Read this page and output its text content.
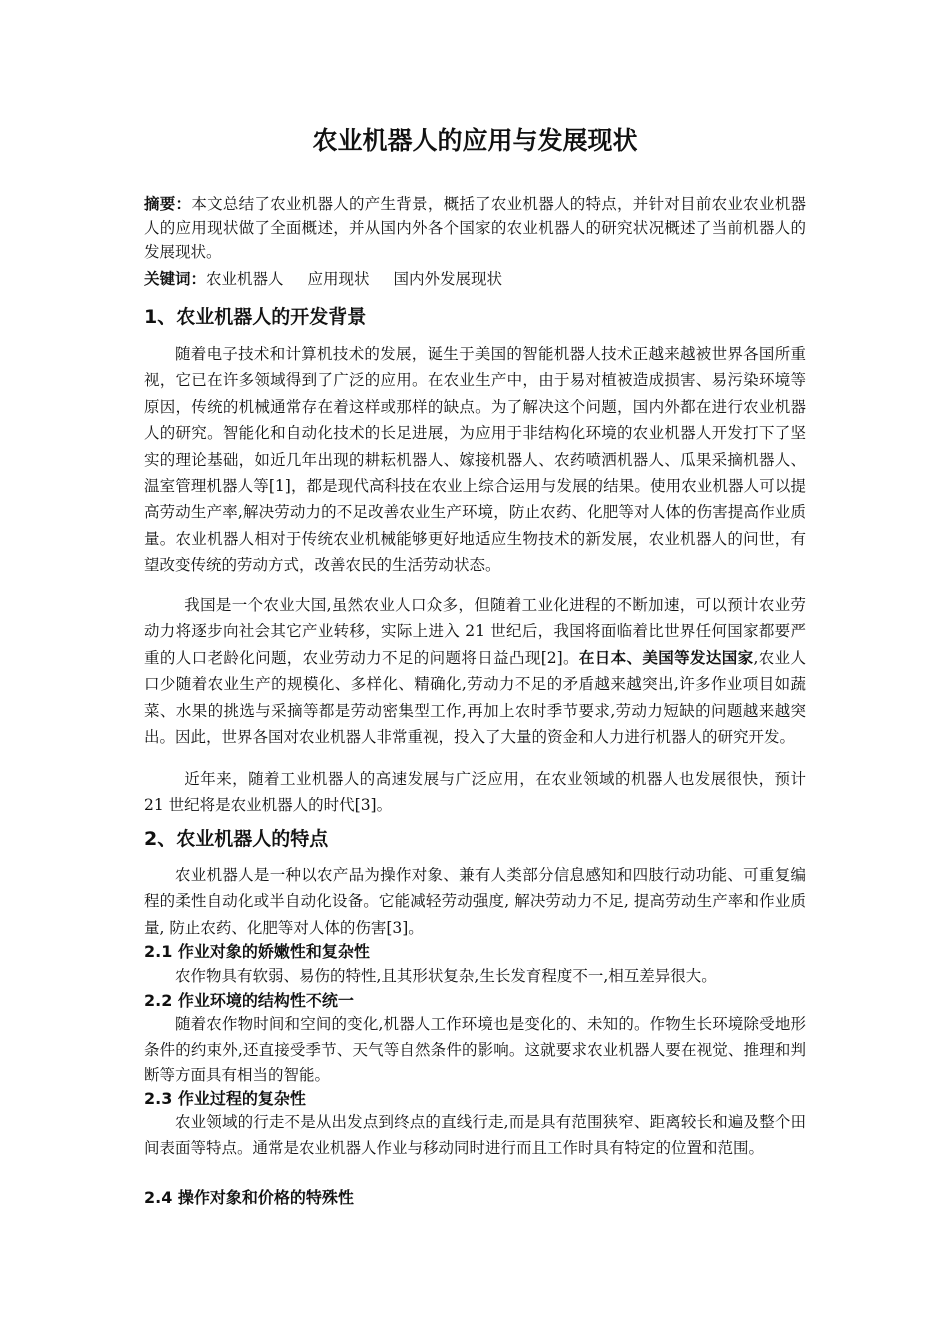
农业机器人的应用与发展现状

摘要：本文总结了农业机器人的产生背景，概括了农业机器人的特点，并针对目前农业农业机器人的应用现状做了全面概述，并从国内外各个国家的农业机器人的研究状况概述了当前机器人的发展现状。

关键词：农业机器人 应用现状 国内外发展现状

1、农业机器人的开发背景

随着电子技术和计算机技术的发展，诞生于美国的智能机器人技术正越来越被世界各国所重视，它已在许多领域得到了广泛的应用。在农业生产中，由于易对植被造成损害、易污染环境等原因，传统的机械通常存在着这样或那样的缺点。为了解决这个问题，国内外都在进行农业机器人的研究。智能化和自动化技术的长足进展，为应用于非结构化环境的农业机器人开发打下了坚实的理论基础，如近几年出现的耕耘机器人、嫁接机器人、农药喷洒机器人、瓜果采摘机器人、温室管理机器人等[1]，都是现代高科技在农业上综合运用与发展的结果。使用农业机器人可以提高劳动生产率,解决劳动力的不足改善农业生产环境，防止农药、化肥等对人体的伤害提高作业质量。农业机器人相对于传统农业机械能够更好地适应生物技术的新发展，农业机器人的问世，有望改变传统的劳动方式，改善农民的生活劳动状态。

我国是一个农业大国,虽然农业人口众多，但随着工业化进程的不断加速，可以预计农业劳动力将逐步向社会其它产业转移，实际上进入 21 世纪后，我国将面临着比世界任何国家都要严重的人口老龄化问题，农业劳动力不足的问题将日益凸现[2]。在日本、美国等发达国家,农业人口少随着农业生产的规模化、多样化、精确化,劳动力不足的矛盾越来越突出,许多作业项目如蔬菜、水果的挑选与采摘等都是劳动密集型工作,再加上农时季节要求,劳动力短缺的问题越来越突出。因此，世界各国对农业机器人非常重视，投入了大量的资金和人力进行机器人的研究开发。

近年来，随着工业机器人的高速发展与广泛应用，在农业领域的机器人也发展很快，预计 21 世纪将是农业机器人的时代[3]。

2、农业机器人的特点

农业机器人是一种以农产品为操作对象、兼有人类部分信息感知和四肢行动功能、可重复编程的柔性自动化或半自动化设备。它能减轻劳动强度, 解决劳动力不足, 提高劳动生产率和作业质量, 防止农药、化肥等对人体的伤害[3]。

2.1 作业对象的娇嫩性和复杂性

农作物具有软弱、易伤的特性,且其形状复杂,生长发育程度不一,相互差异很大。

2.2 作业环境的结构性不统一

随着农作物时间和空间的变化,机器人工作环境也是变化的、未知的。作物生长环境除受地形条件的约束外,还直接受季节、天气等自然条件的影响。这就要求农业机器人要在视觉、推理和判断等方面具有相当的智能。

2.3 作业过程的复杂性

农业领域的行走不是从出发点到终点的直线行走,而是具有范围狭窄、距离较长和遍及整个田间表面等特点。通常是农业机器人作业与移动同时进行而且工作时具有特定的位置和范围。

2.4 操作对象和价格的特殊性
